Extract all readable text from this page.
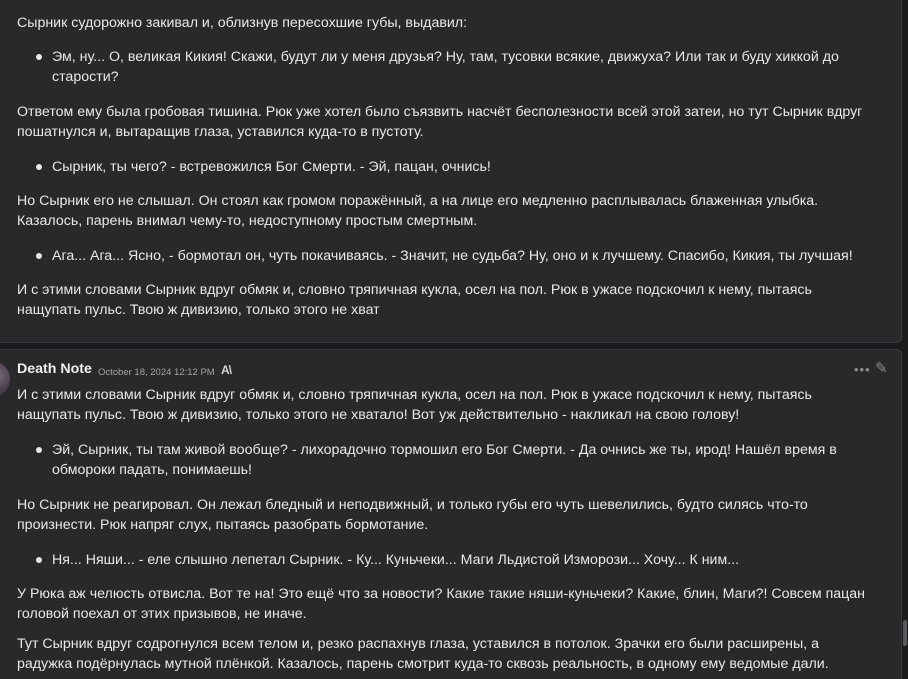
Сырник судорожно закивал и, облизнув пересохшие губы, выдавил:
Эм, ну... О, великая Кикия! Скажи, будут ли у меня друзья? Ну, там, тусовки всякие, движуха? Или так и буду хиккой до
старости?
Ответом ему была гробовая тишина. Рюк уже хотел было съязвить насчёт бесполезности всей этой затеи, но тут Сырник вдруг
пошатнулся и, вытаращив глаза, уставился куда-то в пустоту.
Сырник, ты чего? - встревожился Бог Смерти. - Эй, пацан, очнись!
Но Сырник его не слышал. Он стоял как громом поражённый, а на лице его медленно расплывалась блаженная улыбка.
Казалось, парень внимал чему-то, недоступному простым смертным.
Ага... Ага... Ясно, - бормотал он, чуть покачиваясь. - Значит, не судьба? Ну, оно и к лучшему. Спасибо, Кикия, ты лучшая!
И с этими словами Сырник вдруг обмяк и, словно тряпичная кукла, осел на пол. Рюк в ужасе подскочил к нему, пытаясь
нащупать пульс. Твою ж дивизию, только этого не хват
Death Note October 18, 2024 12:12 PM A\	••• ✎
И с этими словами Сырник вдруг обмяк и, словно тряпичная кукла, осел на пол. Рюк в ужасе подскочил к нему, пытаясь
нащупать пульс. Твою ж дивизию, только этого не хватало! Вот уж действительно - накликал на свою голову!
Эй, Сырник, ты там живой вообще? - лихорадочно тормошил его Бог Смерти. - Да очнись же ты, ирод! Нашёл время в
обмороки падать, понимаешь!
Но Сырник не реагировал. Он лежал бледный и неподвижный, и только губы его чуть шевелились, будто силясь что-то
произнести. Рюк напряг слух, пытаясь разобрать бормотание.
Ня... Няши... - еле слышно лепетал Сырник. - Ку... Куньчеки... Маги Льдистой Изморози... Хочу... К ним...
У Рюка аж челюсть отвисла. Вот те на! Это ещё что за новости? Какие такие няши-куньчеки? Какие, блин, Маги?! Совсем пацан
головой поехал от этих призывов, не иначе.
Тут Сырник вдруг содрогнулся всем телом и, резко распахнув глаза, уставился в потолок. Зрачки его были расширены, а
радужка подёрнулась мутной плёнкой. Казалось, парень смотрит куда-то сквозь реальность, в одному ему ведомые дали.
